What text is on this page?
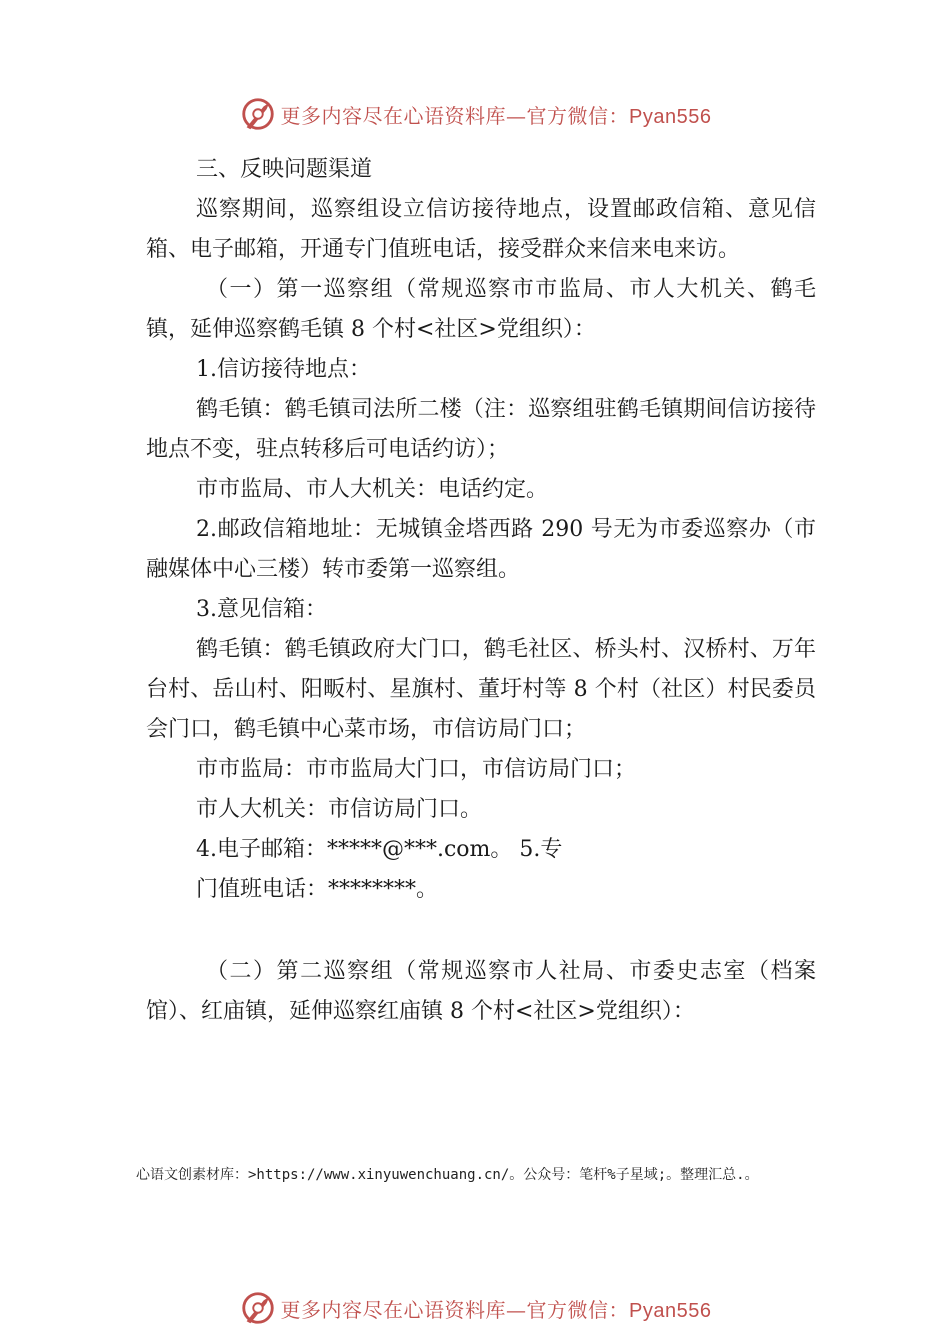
更多内容尽在心语资料库—官方微信：Pyan556

三、反映问题渠道

巡察期间，巡察组设立信访接待地点，设置邮政信箱、意见信箱、电子邮箱，开通专门值班电话，接受群众来信来电来访。

（一）第一巡察组（常规巡察市市监局、市人大机关、鹤毛镇，延伸巡察鹤毛镇 8 个村<社区>党组织）：

1.信访接待地点：

鹤毛镇：鹤毛镇司法所二楼（注：巡察组驻鹤毛镇期间信访接待地点不变，驻点转移后可电话约访）；

市市监局、市人大机关：电话约定。

2.邮政信箱地址：无城镇金塔西路 290 号无为市委巡察办（市融媒体中心三楼）转市委第一巡察组。

3.意见信箱：

鹤毛镇：鹤毛镇政府大门口，鹤毛社区、桥头村、汉桥村、万年台村、岳山村、阳畈村、星旗村、董圩村等 8 个村（社区）村民委员会门口，鹤毛镇中心菜市场，市信访局门口；

市市监局：市市监局大门口，市信访局门口；

市人大机关：市信访局门口。

4.电子邮箱：*****@***.com。 5.专

门值班电话：********。

（二）第二巡察组（常规巡察市人社局、市委史志室（档案馆）、红庙镇，延伸巡察红庙镇 8 个村<社区>党组织）：

心语文创素材库：>https://www.xinyuwenchuang.cn/。公众号：笔杆%子星域;。整理汇总.。
更多内容尽在心语资料库—官方微信：Pyan556
